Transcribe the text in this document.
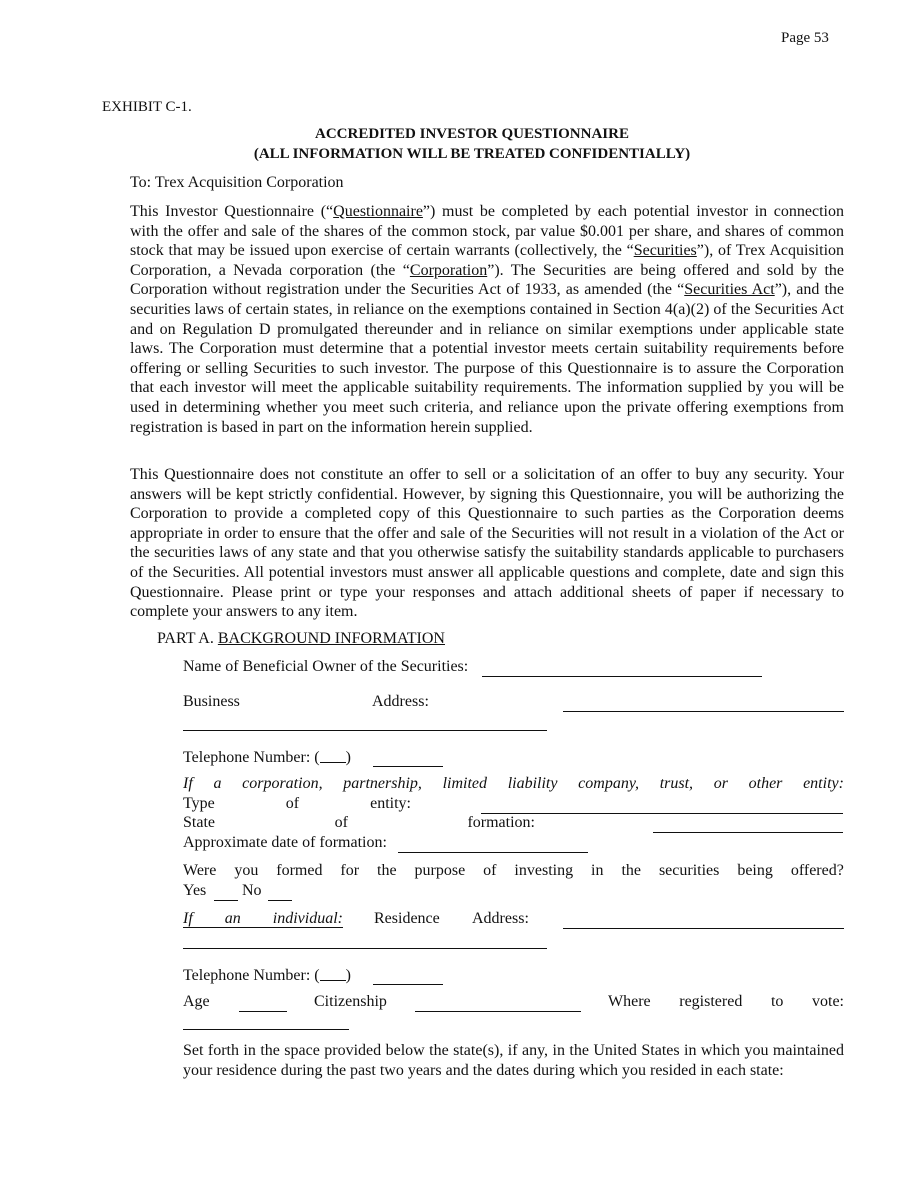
Page 53
EXHIBIT C-1.
ACCREDITED INVESTOR QUESTIONNAIRE
(ALL INFORMATION WILL BE TREATED CONFIDENTIALLY)
To: Trex Acquisition Corporation

This Investor Questionnaire (“Questionnaire”) must be completed by each potential investor in connection with the offer and sale of the shares of the common stock, par value $0.001 per share, and shares of common stock that may be issued upon exercise of certain warrants (collectively, the “Securities”), of Trex Acquisition Corporation, a Nevada corporation (the “Corporation”). The Securities are being offered and sold by the Corporation without registration under the Securities Act of 1933, as amended (the “Securities Act”), and the securities laws of certain states, in reliance on the exemptions contained in Section 4(a)(2) of the Securities Act and on Regulation D promulgated thereunder and in reliance on similar exemptions under applicable state laws. The Corporation must determine that a potential investor meets certain suitability requirements before offering or selling Securities to such investor. The purpose of this Questionnaire is to assure the Corporation that each investor will meet the applicable suitability requirements. The information supplied by you will be used in determining whether you meet such criteria, and reliance upon the private offering exemptions from registration is based in part on the information herein supplied.

This Questionnaire does not constitute an offer to sell or a solicitation of an offer to buy any security. Your answers will be kept strictly confidential. However, by signing this Questionnaire, you will be authorizing the Corporation to provide a completed copy of this Questionnaire to such parties as the Corporation deems appropriate in order to ensure that the offer and sale of the Securities will not result in a violation of the Act or the securities laws of any state and that you otherwise satisfy the suitability standards applicable to purchasers of the Securities. All potential investors must answer all applicable questions and complete, date and sign this Questionnaire. Please print or type your responses and attach additional sheets of paper if necessary to complete your answers to any item.

PART A. BACKGROUND INFORMATION
Name of Beneficial Owner of the Securities:
Business	Address:
Telephone Number: ( )
If a corporation, partnership, limited liability company, trust, or other entity:
Type	of	entity:
State	of	formation:
Approximate date of formation:
Were you formed for the purpose of investing in the securities being offered?
Yes No
If an individual: Residence Address:
Telephone Number: ( )
Age	Citizenship	Where registered to vote:

Set forth in the space provided below the state(s), if any, in the United States in which you maintained your residence during the past two years and the dates during which you resided in each state:
